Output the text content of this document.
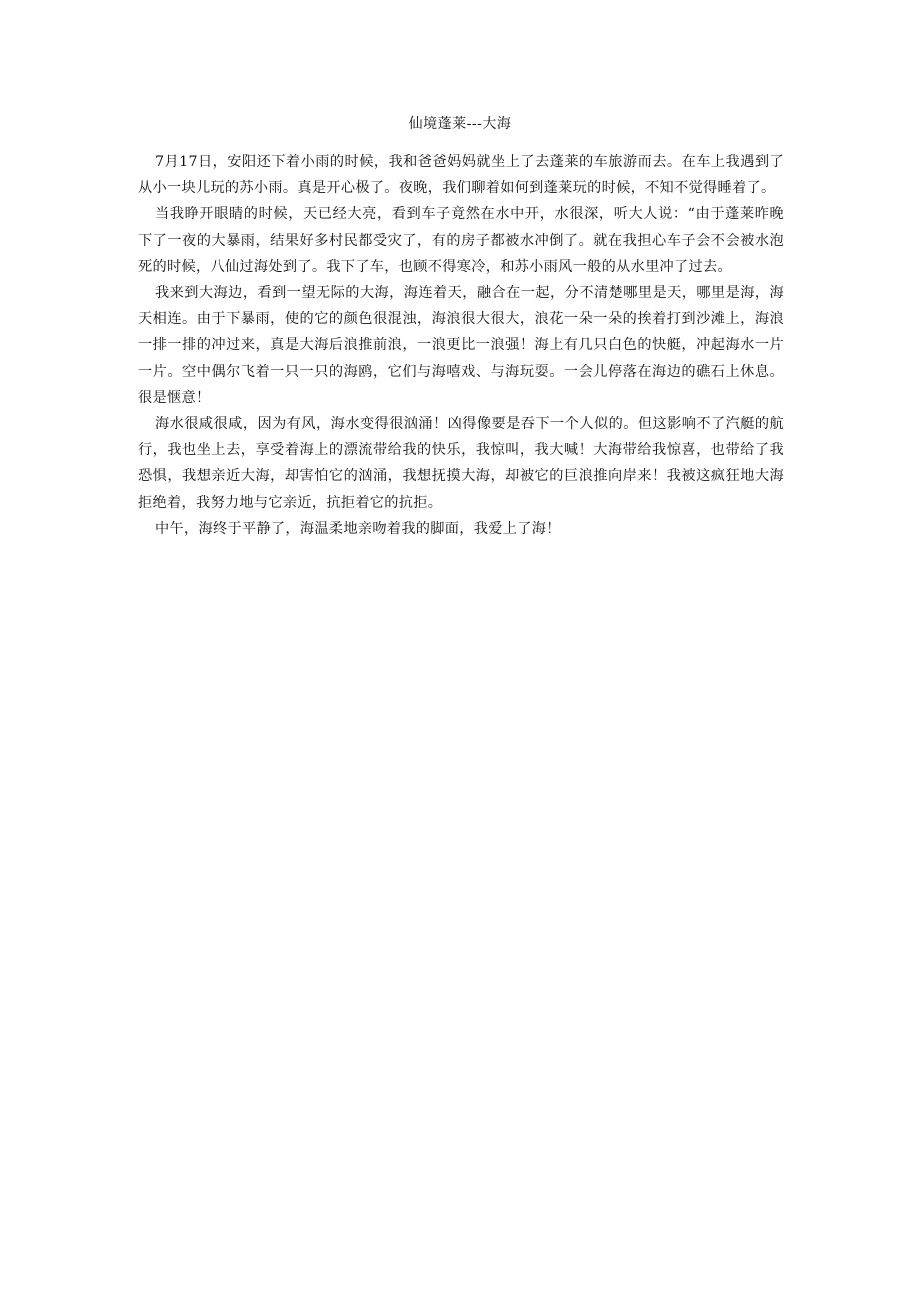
仙境蓬莱---大海

7月17日，安阳还下着小雨的时候，我和爸爸妈妈就坐上了去蓬莱的车旅游而去。在车上我遇到了从小一块儿玩的苏小雨。真是开心极了。夜晚，我们聊着如何到蓬莱玩的时候，不知不觉得睡着了。

当我睁开眼睛的时候，天已经大亮，看到车子竟然在水中开，水很深，听大人说：“由于蓬莱昨晚下了一夜的大暴雨，结果好多村民都受灾了，有的房子都被水冲倒了。就在我担心车子会不会被水泡死的时候，八仙过海处到了。我下了车，也顾不得寒冷，和苏小雨风一般的从水里冲了过去。

我来到大海边，看到一望无际的大海，海连着天，融合在一起，分不清楚哪里是天，哪里是海，海天相连。由于下暴雨，使的它的颜色很混浊，海浪很大很大，浪花一朵一朵的挨着打到沙滩上，海浪一排一排的冲过来，真是大海后浪推前浪，一浪更比一浪强！海上有几只白色的快艇，冲起海水一片一片。空中偶尔飞着一只一只的海鸥，它们与海嘻戏、与海玩耍。一会儿停落在海边的礁石上休息。很是惬意！

海水很咸很咸，因为有风，海水变得很汹涌！凶得像要是吞下一个人似的。但这影响不了汽艇的航行，我也坐上去，享受着海上的漂流带给我的快乐，我惊叫，我大喊！大海带给我惊喜，也带给了我恐惧，我想亲近大海，却害怕它的汹涌，我想抚摸大海，却被它的巨浪推向岸来！我被这疯狂地大海拒绝着，我努力地与它亲近，抗拒着它的抗拒。

中午，海终于平静了，海温柔地亲吻着我的脚面，我爱上了海！
